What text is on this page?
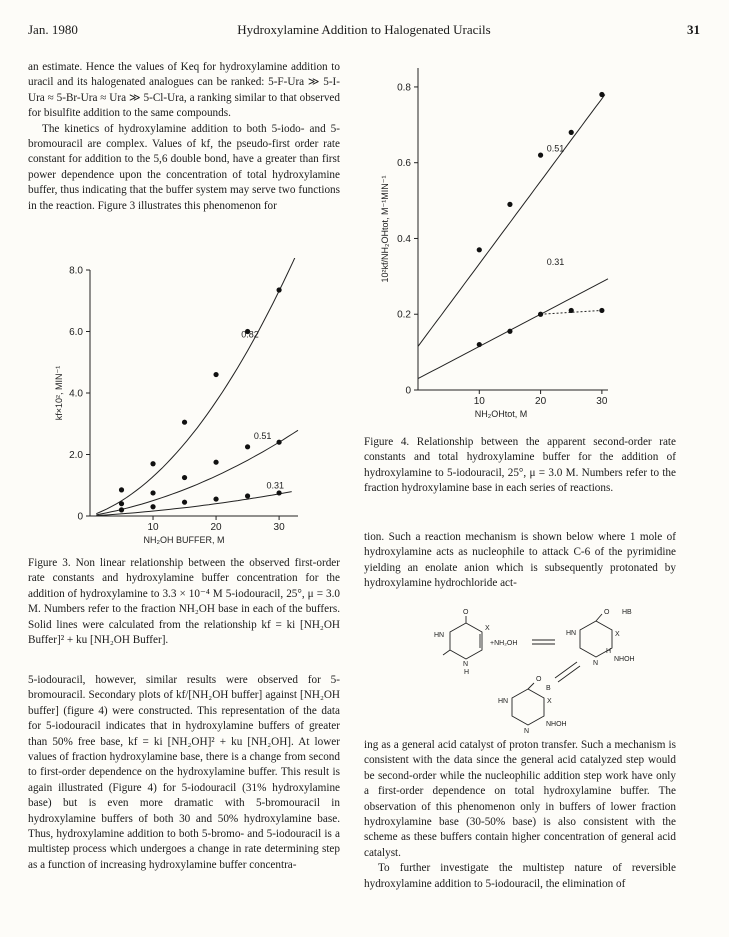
Jan. 1980	Hydroxylamine Addition to Halogenated Uracils	31

an estimate. Hence the values of Keq for hydroxylamine addition to uracil and its halogenated analogues can be ranked: 5-F-Ura ≫ 5-I-Ura ≈ 5-Br-Ura ≈ Ura ≫ 5-Cl-Ura, a ranking similar to that observed for bisulfite addition to the same compounds.

The kinetics of hydroxylamine addition to both 5-iodo- and 5-bromouracil are complex. Values of kf, the pseudo-first order rate constant for addition to the 5,6 double bond, have a greater than first power dependence upon the concentration of total hydroxylamine buffer, thus indicating that the buffer system may serve two functions in the reaction. Figure 3 illustrates this phenomenon for

10	20	30
8.0
6.0
4.0
2.0
0
NH₂OH BUFFER, M
kf×10², MIN⁻¹
0.82
0.51
0.31
Figure 3. Non linear relationship between the observed first-order rate constants and hydroxylamine buffer concentration for the addition of hydroxylamine to 3.3 × 10⁻⁴ M 5-iodouracil, 25°, μ = 3.0 M. Numbers refer to the fraction NH₂OH base in each of the buffers. Solid lines were calculated from the relationship kf = ki [NH₂OH Buffer]² + ku [NH₂OH Buffer].

5-iodouracil, however, similar results were observed for 5-bromouracil. Secondary plots of kf/[NH₂OH buffer] against [NH₂OH buffer] (figure 4) were constructed. This representation of the data for 5-iodouracil indicates that in hydroxylamine buffers of greater than 50% free base, kf = ki [NH₂OH]² + ku [NH₂OH]. At lower values of fraction hydroxylamine base, there is a change from second to first-order dependence on the hydroxylamine buffer. This result is again illustrated (Figure 4) for 5-iodouracil (31% hydroxylamine base) but is even more dramatic with 5-bromouracil in hydroxylamine buffers of both 30 and 50% hydroxylamine base. Thus, hydroxylamine addition to both 5-bromo- and 5-iodouracil is a multistep process which undergoes a change in rate determining step as a function of increasing hydroxylamine buffer concentra-

10	20	30
0.8
0.6
0.4
0.2
0
NH₂OHtot, M
10²kf/NH₂OHtot, M⁻¹MIN⁻¹
0.51
0.31
Figure 4. Relationship between the apparent second-order rate constants and total hydroxylamine buffer for the addition of hydroxylamine to 5-iodouracil, 25°, μ = 3.0 M. Numbers refer to the fraction hydroxylamine base in each series of reactions.

tion. Such a reaction mechanism is shown below where 1 mole of hydroxylamine acts as nucleophile to attack C-6 of the pyrimidine yielding an enolate anion which is subsequently protonated by hydroxylamine hydrochloride act-

O
HN
X
N
H
+NH₂OH
O
HN
N
NHOH
H
X
HB
O
HN
N
NHOH
X
B

ing as a general acid catalyst of proton transfer. Such a mechanism is consistent with the data since the general acid catalyzed step would be second-order while the nucleophilic addition step work have only a first-order dependence on total hydroxylamine buffer. The observation of this phenomenon only in buffers of lower fraction hydroxylamine base (30-50% base) is also consistent with the scheme as these buffers contain higher concentration of general acid catalyst.

To further investigate the multistep nature of reversible hydroxylamine addition to 5-iodouracil, the elimination of
